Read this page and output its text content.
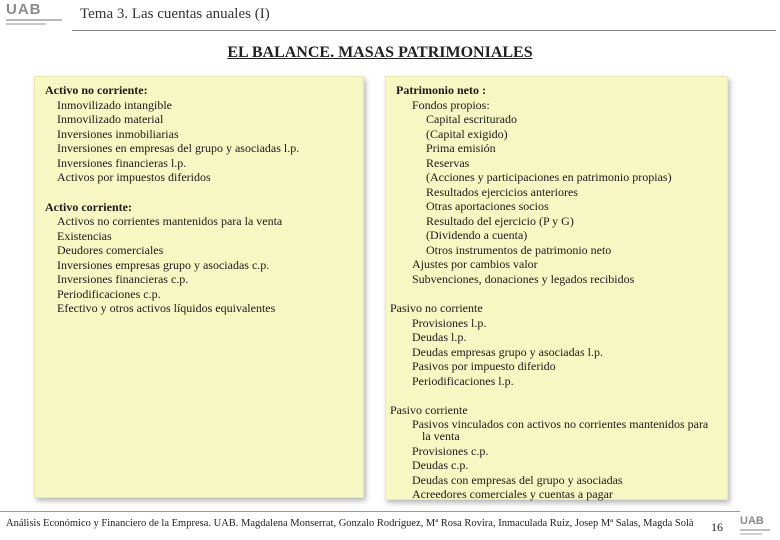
UAB	Tema 3. Las cuentas anuales (I)
EL BALANCE. MASAS PATRIMONIALES
Activo no corriente:
Inmovilizado intangible
Inmovilizado material
Inversiones inmobiliarias
Inversiones en empresas del grupo y asociadas l.p.
Inversiones financieras l.p.
Activos por impuestos diferidos
Activo corriente:
Activos no corrientes mantenidos para la venta
Existencias
Deudores comerciales
Inversiones empresas grupo y asociadas c.p.
Inversiones financieras c.p.
Periodificaciones c.p.
Efectivo y otros activos líquidos equivalentes
Patrimonio neto :
Fondos propios:
Capital escriturado
(Capital exigido)
Prima emisión
Reservas
(Acciones y participaciones en patrimonio propias)
Resultados ejercicios anteriores
Otras aportaciones socios
Resultado del ejercicio (P y G)
(Dividendo a cuenta)
Otros instrumentos de patrimonio neto
Ajustes por cambios valor
Subvenciones, donaciones y legados recibidos
Pasivo no corriente
Provisiones l.p.
Deudas l.p.
Deudas empresas grupo y asociadas l.p.
Pasivos por impuesto diferido
Periodificaciones l.p.
Pasivo corriente
Pasivos vinculados con activos no corrientes mantenidos para la venta
Provisiones c.p.
Deudas c.p.
Deudas con empresas del grupo y asociadas
Acreedores comerciales y cuentas a pagar
Análisis Económico y Financiero de la Empresa. UAB. Magdalena Monserrat, Gonzalo Rodríguez, Mª Rosa Rovira, Inmaculada Ruiz, Josep Mª Salas, Magda Solà 16 UAB
